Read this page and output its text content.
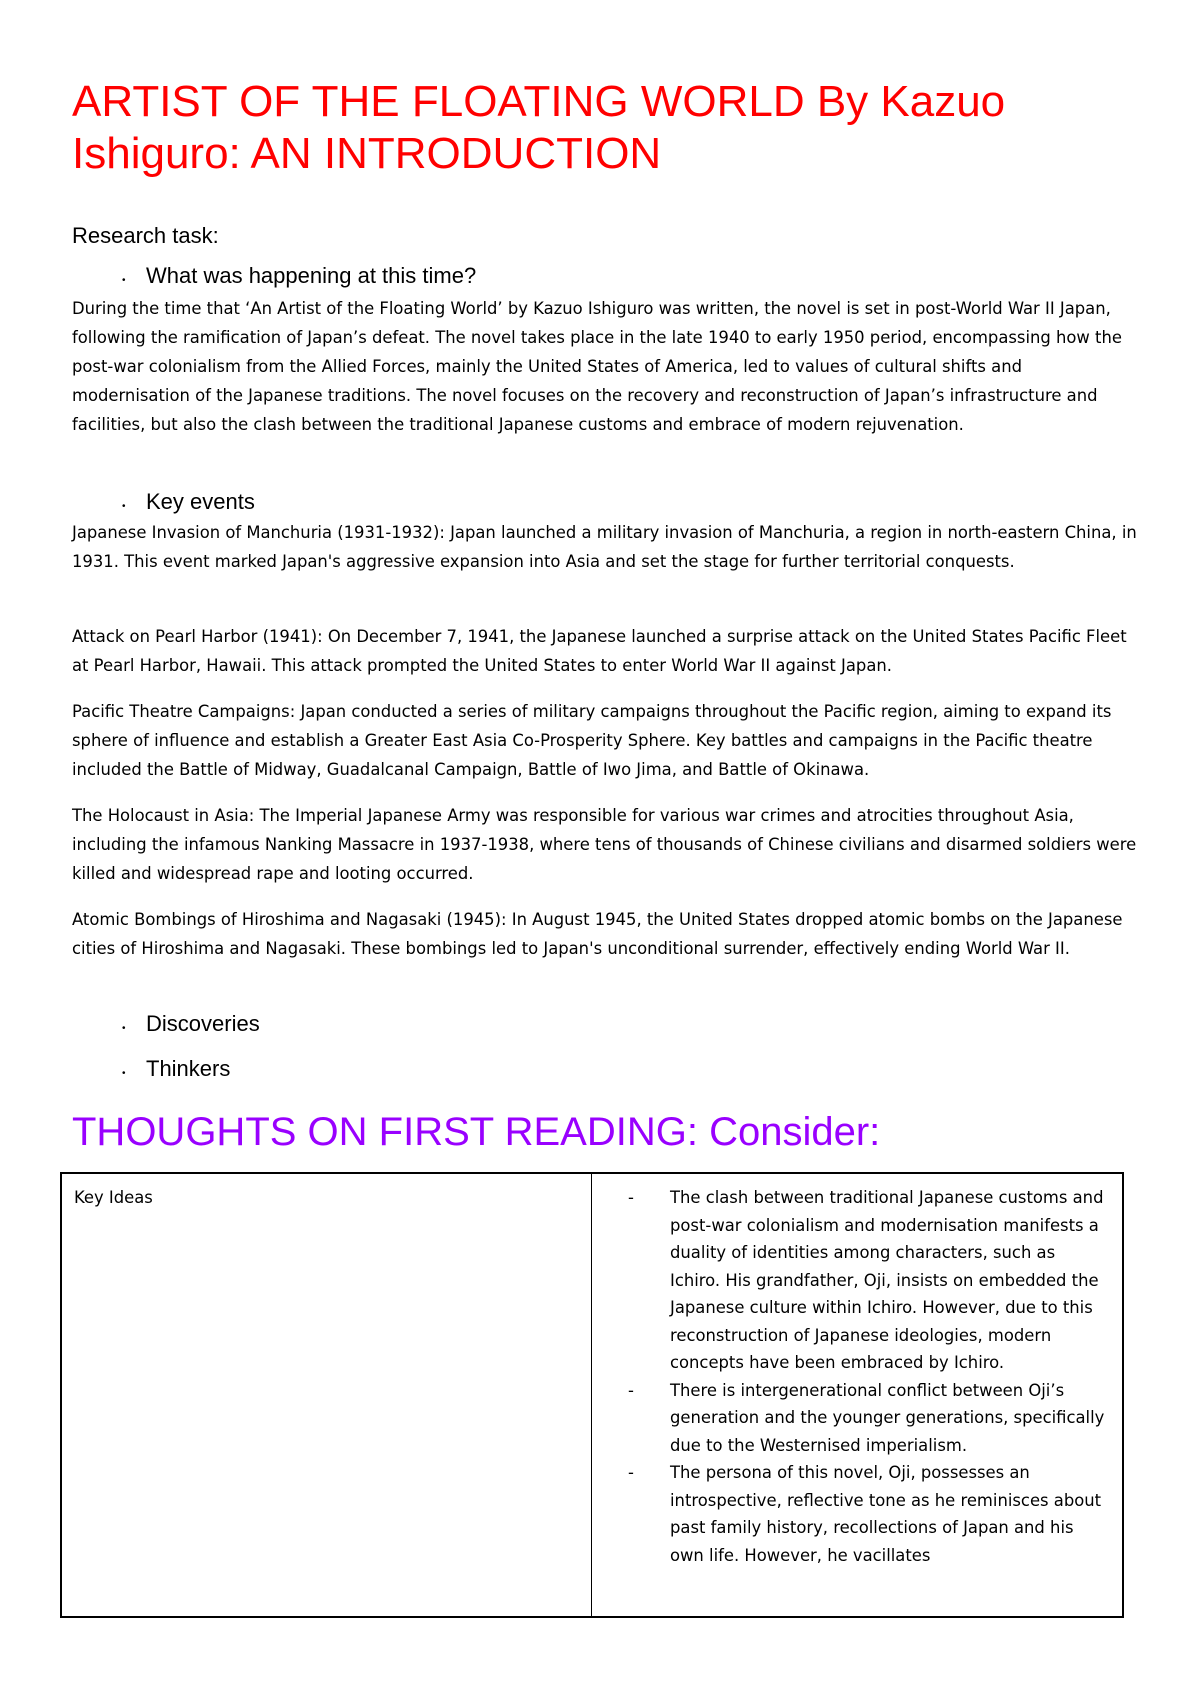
ARTIST OF THE FLOATING WORLD By Kazuo Ishiguro: AN INTRODUCTION
Research task:
• What was happening at this time?

During the time that ‘An Artist of the Floating World’ by Kazuo Ishiguro was written, the novel is set in post-World War II Japan, following the ramification of Japan’s defeat. The novel takes place in the late 1940 to early 1950 period, encompassing how the post-war colonialism from the Allied Forces, mainly the United States of America, led to values of cultural shifts and modernisation of the Japanese traditions. The novel focuses on the recovery and reconstruction of Japan’s infrastructure and facilities, but also the clash between the traditional Japanese customs and embrace of modern rejuvenation.

• Key events

Japanese Invasion of Manchuria (1931-1932): Japan launched a military invasion of Manchuria, a region in north-eastern China, in 1931. This event marked Japan's aggressive expansion into Asia and set the stage for further territorial conquests.

Attack on Pearl Harbor (1941): On December 7, 1941, the Japanese launched a surprise attack on the United States Pacific Fleet at Pearl Harbor, Hawaii. This attack prompted the United States to enter World War II against Japan.

Pacific Theatre Campaigns: Japan conducted a series of military campaigns throughout the Pacific region, aiming to expand its sphere of influence and establish a Greater East Asia Co-Prosperity Sphere. Key battles and campaigns in the Pacific theatre included the Battle of Midway, Guadalcanal Campaign, Battle of Iwo Jima, and Battle of Okinawa.

The Holocaust in Asia: The Imperial Japanese Army was responsible for various war crimes and atrocities throughout Asia, including the infamous Nanking Massacre in 1937-1938, where tens of thousands of Chinese civilians and disarmed soldiers were killed and widespread rape and looting occurred.

Atomic Bombings of Hiroshima and Nagasaki (1945): In August 1945, the United States dropped atomic bombs on the Japanese cities of Hiroshima and Nagasaki. These bombings led to Japan's unconditional surrender, effectively ending World War II.

• Discoveries
• Thinkers
THOUGHTS ON FIRST READING: Consider:
Key Ideas	-	The clash between traditional Japanese customs and post-war colonialism and modernisation manifests a duality of identities among characters, such as Ichiro. His grandfather, Oji, insists on embedded the Japanese culture within Ichiro. However, due to this reconstruction of Japanese ideologies, modern concepts have been embraced by Ichiro.
-	There is intergenerational conflict between Oji’s generation and the younger generations, specifically due to the Westernised imperialism.
-	The persona of this novel, Oji, possesses an introspective, reflective tone as he reminisces about past family history, recollections of Japan and his own life. However, he vacillates
